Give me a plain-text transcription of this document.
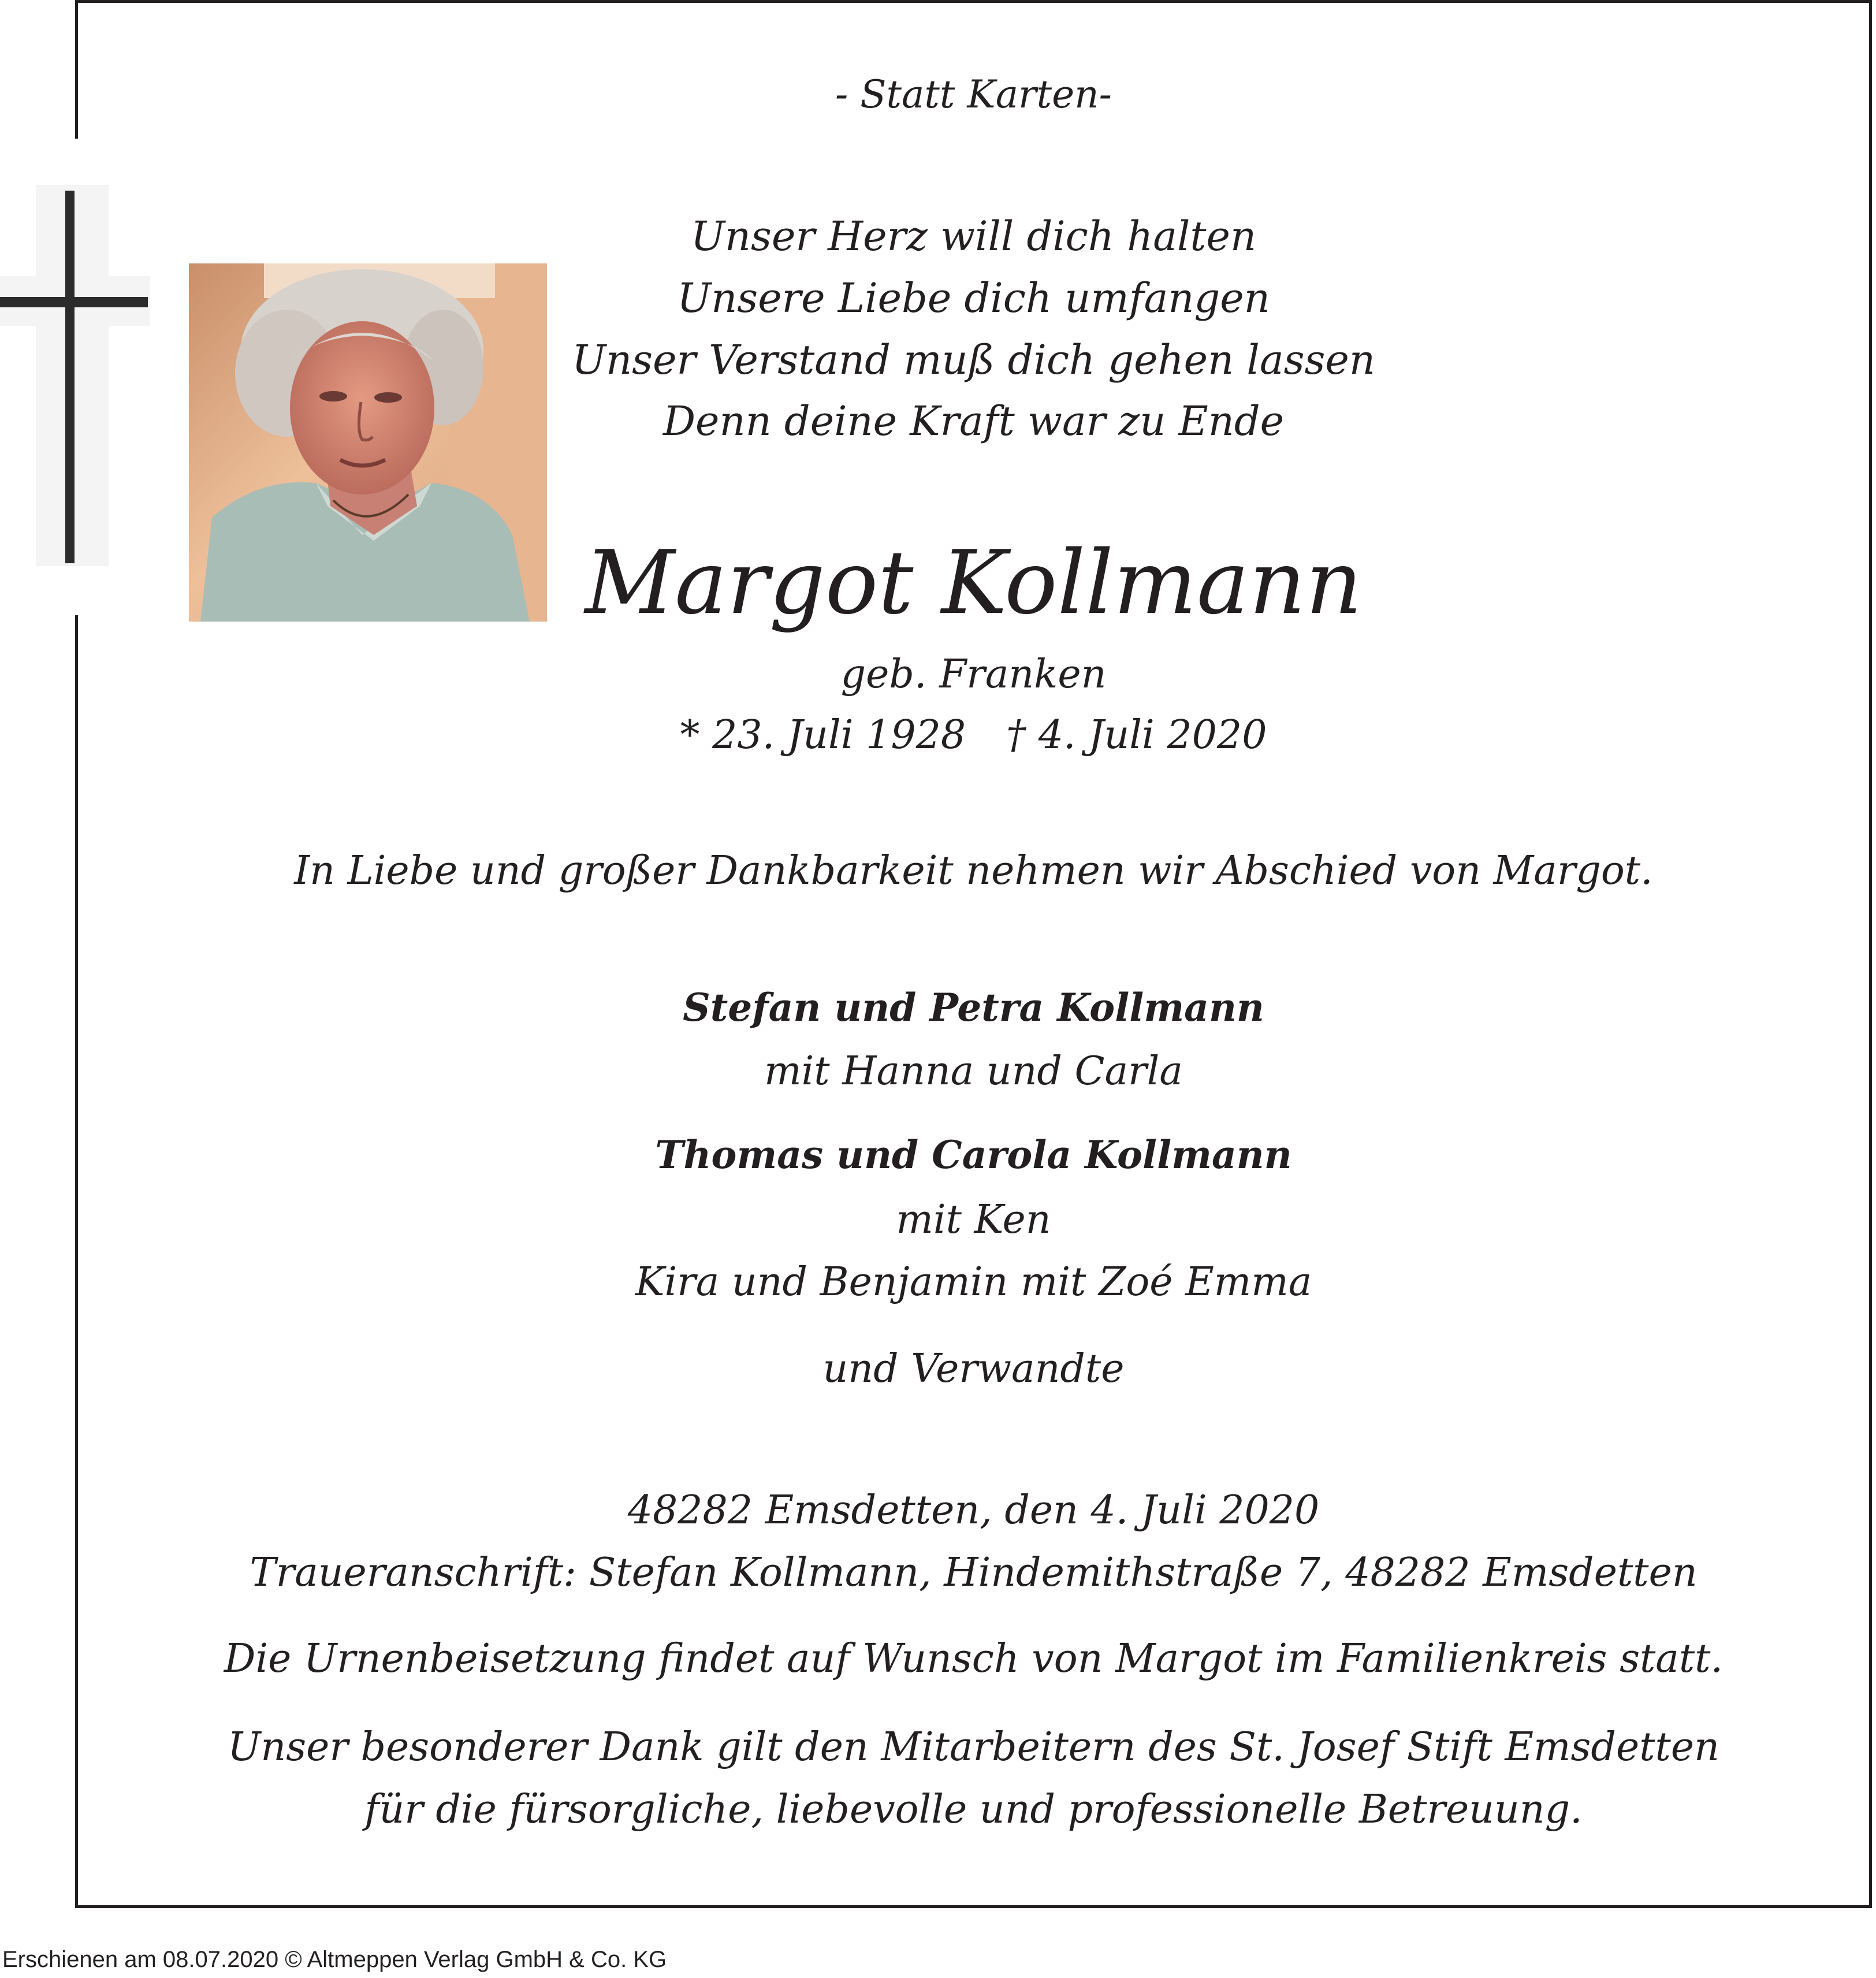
- Statt Karten-
Unser Herz will dich halten
Unsere Liebe dich umfangen
Unser Verstand muß dich gehen lassen
Denn deine Kraft war zu Ende
Margot Kollmann
geb. Franken
* 23. Juli 1928 † 4. Juli 2020
In Liebe und großer Dankbarkeit nehmen wir Abschied von Margot.
Stefan und Petra Kollmann
mit Hanna und Carla
Thomas und Carola Kollmann
mit Ken
Kira und Benjamin mit Zoé Emma
und Verwandte
48282 Emsdetten, den 4. Juli 2020
Traueranschrift: Stefan Kollmann, Hindemithstraße 7, 48282 Emsdetten
Die Urnenbeisetzung findet auf Wunsch von Margot im Familienkreis statt.
Unser besonderer Dank gilt den Mitarbeitern des St. Josef Stift Emsdetten
für die fürsorgliche, liebevolle und professionelle Betreuung.
Erschienen am 08.07.2020 © Altmeppen Verlag GmbH & Co. KG
